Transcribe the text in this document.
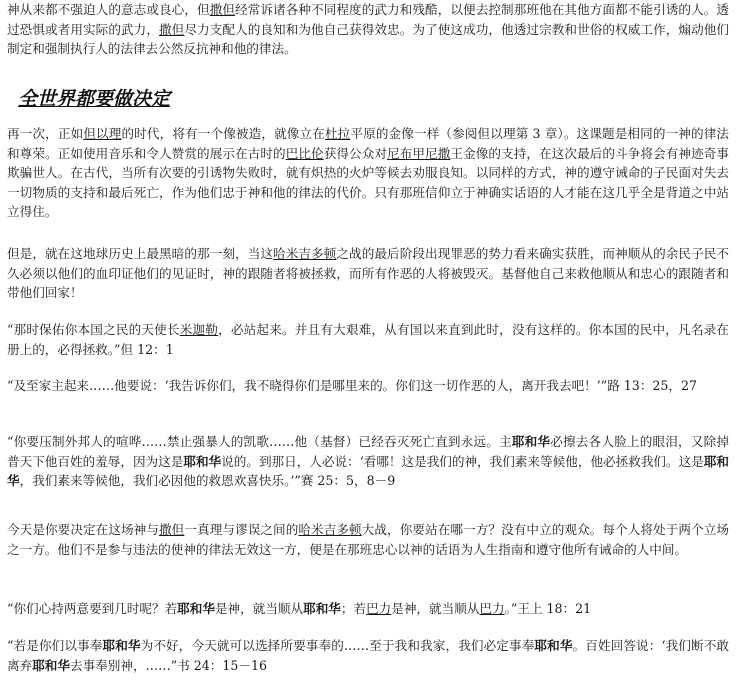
神从来都不强迫人的意志或良心，但撒但经常诉诸各种不同程度的武力和残酷，以便去控制那班他在其他方面都不能引诱的人。透过恐惧或者用实际的武力，撒但尽力支配人的良知和为他自己获得效忠。为了使这成功，他透过宗教和世俗的权威工作，煽动他们制定和强制执行人的法律去公然反抗神和他的律法。

全世界都要做决定

再一次，正如但以理的时代，将有一个像被造，就像立在杜拉平原的金像一样（参阅但以理第 3 章）。这课题是相同的一神的律法和尊荣。正如使用音乐和令人赞赏的展示在古时的巴比伦获得公众对尼布甲尼撒王金像的支持，在这次最后的斗争将会有神迹奇事欺骗世人。在古代，当所有次要的引诱物失败时，就有炽热的火炉等候去劝服良知。以同样的方式，神的遵守诫命的子民面对失去一切物质的支持和最后死亡，作为他们忠于神和他的律法的代价。只有那班信仰立于神确实话语的人才能在这几乎全是背道之中站立得住。

但是，就在这地球历史上最黑暗的那一刻，当这哈米吉多顿之战的最后阶段出现罪恶的势力看来确实获胜，而神顺从的余民子民不久必须以他们的血印证他们的见证时，神的跟随者将被拯救，而所有作恶的人将被毁灭。基督他自己来救他顺从和忠心的跟随者和带他们回家！

“那时保佑你本国之民的天使长米迦勒，必站起来。并且有大艰难，从有国以来直到此时，没有这样的。你本国的民中，凡名录在册上的，必得拯救。”但 12：1

“及至家主起来……他要说：‘我告诉你们，我不晓得你们是哪里来的。你们这一切作恶的人，离开我去吧！’”路 13：25，27

“你要压制外邦人的喧哗……禁止强暴人的凯歌……他（基督）已经吞灭死亡直到永远。主耶和华必擦去各人脸上的眼泪，又除掉普天下他百姓的羞辱，因为这是耶和华说的。到那日，人必说：‘看哪！这是我们的神，我们素来等候他，他必拯救我们。这是耶和华，我们素来等候他，我们必因他的救恩欢喜快乐。’”赛 25：5，8－9

今天是你要决定在这场神与撒但一真理与谬误之间的哈米吉多顿大战，你要站在哪一方？没有中立的观众。每个人将处于两个立场之一方。他们不是参与违法的使神的律法无效这一方，便是在那班忠心以神的话语为人生指南和遵守他所有诫命的人中间。

“你们心持两意要到几时呢？若耶和华是神，就当顺从耶和华；若巴力是神，就当顺从巴力。”王上 18：21

“若是你们以事奉耶和华为不好，今天就可以选择所要事奉的……至于我和我家，我们必定事奉耶和华。百姓回答说：‘我们断不敢离弃耶和华去事奉别神，……”书 24：15－16
